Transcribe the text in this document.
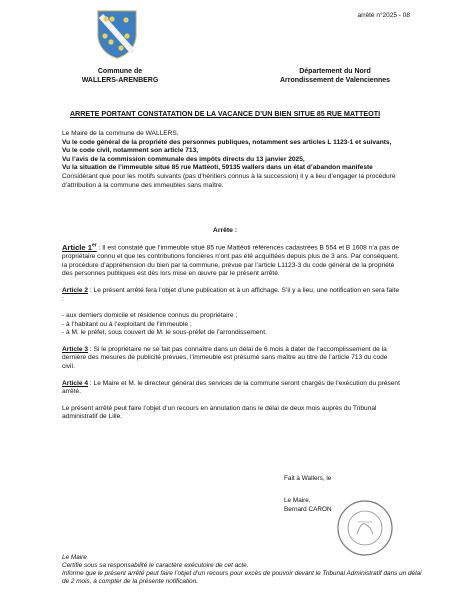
arrêté n°2025 - 08
Commune de
WALLERS-ARENBERG
Département du Nord
Arrondissement de Valenciennes
ARRETE PORTANT CONSTATATION DE LA VACANCE D’UN BIEN SITUE 85 RUE MATTEOTI

Le Maire de la commune de WALLERS,

Vu le code général de la propriété des personnes publiques, notamment ses articles L 1123-1 et suivants,

Vu le code civil, notamment son article 713,

Vu l’avis de la commission communale des impôts directs du 13 janvier 2025,

Vu la situation de l’immeuble situé 85 rue Mattéoti, 59135 wallers dans un état d’abandon manifeste

Considérant que pour les motifs suivants (pas d’héritiers connus à la succession) il y a lieu d’engager la procédure d’attribution à la commune des immeubles sans maître.

Arrête :

Article 1er : Il est constaté que l’immeuble situé 85 rue Mattéoti références cadastrées B 554 et B 1608 n’a pas de propriétaire connu et que les contributions foncières n’ont pas été acquittées depuis plus de 3 ans. Par conséquent, la procédure d’appréhension du bien par la commune, prévue par l’article L1123-3 du code général de la propriété des personnes publiques est dès lors mise en œuvre par le présent arrêté.

Article 2 : Le présent arrêté fera l’objet d’une publication et à un affichage. S’il y a lieu, une notification en sera faite :

- aux derniers domicile et résidence connus du propriétaire ;
- à l’habitant ou à l’exploitant de l’immeuble ;
- à M. le préfet, sous couvert de M. le sous-préfet de l’arrondissement.

Article 3 : Si le propriétaire ne se fait pas connaître dans un délai de 6 mois à dater de l’accomplissement de la dernière des mesures de publicité prévues, l’immeuble est présumé sans maître au titre de l’article 713 du code civil.

Article 4 : Le Maire et M. le directeur général des services de la commune seront chargés de l’exécution du présent arrêté.

Le présent arrêté peut faire l’objet d’un recours en annulation dans le délai de deux mois auprès du Tribunal administratif de Lille.

Fait à Wallers, le
Le Maire,
Bernard CARON
Le Maire
Certifie sous sa responsabilité le caractère exécutoire de cet acte.
Informe que le présent arrêté peut faire l’objet d’un recours pour excès de pouvoir devant le Tribunal Administratif dans un délai de 2 mois, à compter de la présente notification.
